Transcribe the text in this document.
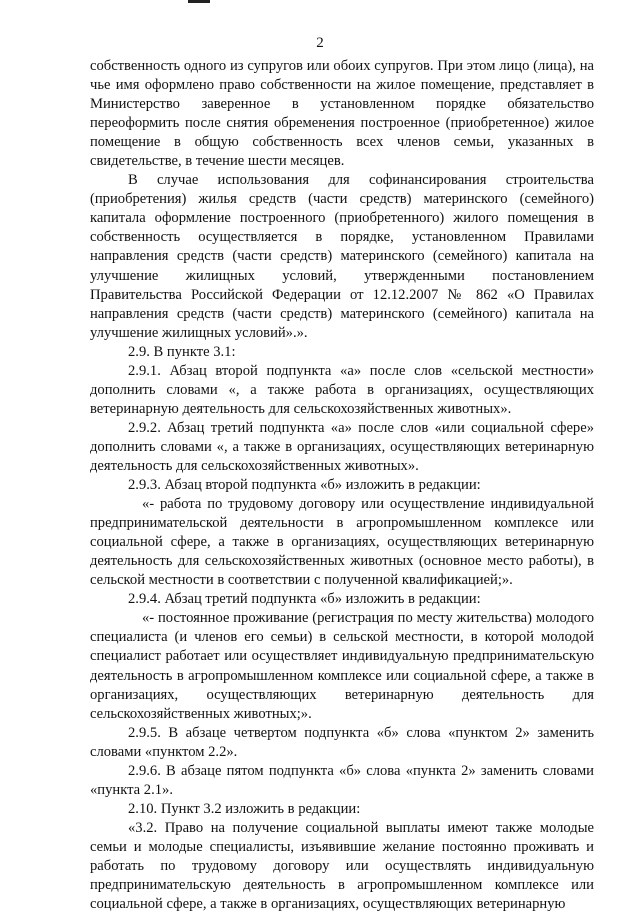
2

собственность одного из супругов или обоих супругов. При этом лицо (лица), на чье имя оформлено право собственности на жилое помещение, представляет в Министерство заверенное в установленном порядке обязательство переоформить после снятия обременения построенное (приобретенное) жилое помещение в общую собственность всех членов семьи, указанных в свидетельстве, в течение шести месяцев.

В случае использования для софинансирования строительства (приобретения) жилья средств (части средств) материнского (семейного) капитала оформление построенного (приобретенного) жилого помещения в собственность осуществляется в порядке, установленном Правилами направления средств (части средств) материнского (семейного) капитала на улучшение жилищных условий, утвержденными постановлением Правительства Российской Федерации от 12.12.2007 № 862 «О Правилах направления средств (части средств) материнского (семейного) капитала на улучшение жилищных условий».».

2.9. В пункте 3.1:

2.9.1. Абзац второй подпункта «а» после слов «сельской местности» дополнить словами «, а также работа в организациях, осуществляющих ветеринарную деятельность для сельскохозяйственных животных».

2.9.2. Абзац третий подпункта «а» после слов «или социальной сфере» дополнить словами «, а также в организациях, осуществляющих ветеринарную деятельность для сельскохозяйственных животных».

2.9.3. Абзац второй подпункта «б» изложить в редакции:

«- работа по трудовому договору или осуществление индивидуальной предпринимательской деятельности в агропромышленном комплексе или социальной сфере, а также в организациях, осуществляющих ветеринарную деятельность для сельскохозяйственных животных (основное место работы), в сельской местности в соответствии с полученной квалификацией;».

2.9.4. Абзац третий подпункта «б» изложить в редакции:

«- постоянное проживание (регистрация по месту жительства) молодого специалиста (и членов его семьи) в сельской местности, в которой молодой специалист работает или осуществляет индивидуальную предпринимательскую деятельность в агропромышленном комплексе или социальной сфере, а также в организациях, осуществляющих ветеринарную деятельность для сельскохозяйственных животных;».

2.9.5. В абзаце четвертом подпункта «б» слова «пунктом 2» заменить словами «пунктом 2.2».

2.9.6. В абзаце пятом подпункта «б» слова «пункта 2» заменить словами «пункта 2.1».

2.10. Пункт 3.2 изложить в редакции:

«3.2. Право на получение социальной выплаты имеют также молодые семьи и молодые специалисты, изъявившие желание постоянно проживать и работать по трудовому договору или осуществлять индивидуальную предпринимательскую деятельность в агропромышленном комплексе или социальной сфере, а также в организациях, осуществляющих ветеринарную
